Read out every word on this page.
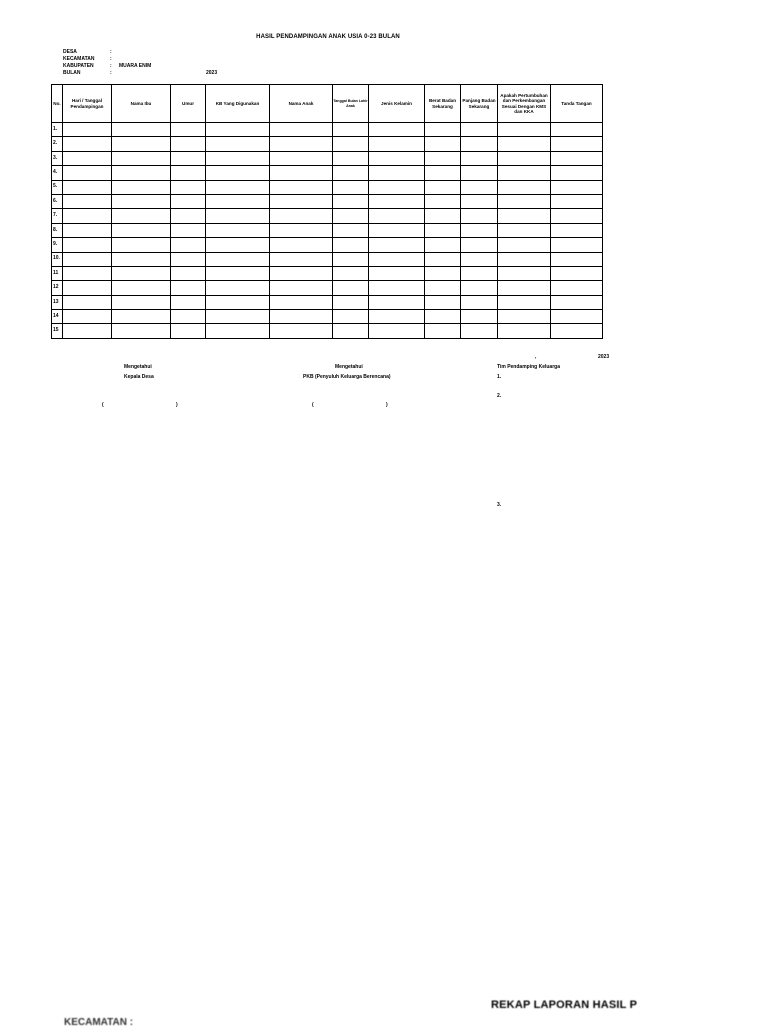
HASIL PENDAMPINGAN ANAK USIA 0-23 BULAN
DESA	:
KECAMATAN	:
KABUPATEN	: MUARA ENIM
BULAN	:	2023
No.	Hari / Tanggal Pendampingan	Nama Ibu	Umur	KB Yang Digunakan	Nama Anak	Tanggal Bulan Lahir Anak	Jenis Kelamin	Berat Badan Sekarang	Panjang Badan Sekarang	Apakah Pertumbuhan dan Perkembangan Sesuai Dengan KMS dan KKA	Tanda Tangan
1.											
2.											
3.											
4.											
5.											
6.											
7.											
8.											
9.											
10.											
11											
12											
13											
14											
15											
,	2023
Mengetahui
Kepala Desa
(	)
Mengetahui
PKB (Penyuluh Keluarga Berencana)
(	)
Tim Pendamping Keluarga
1.
2.
3.
REKAP LAPORAN HASIL P
KECAMATAN :
